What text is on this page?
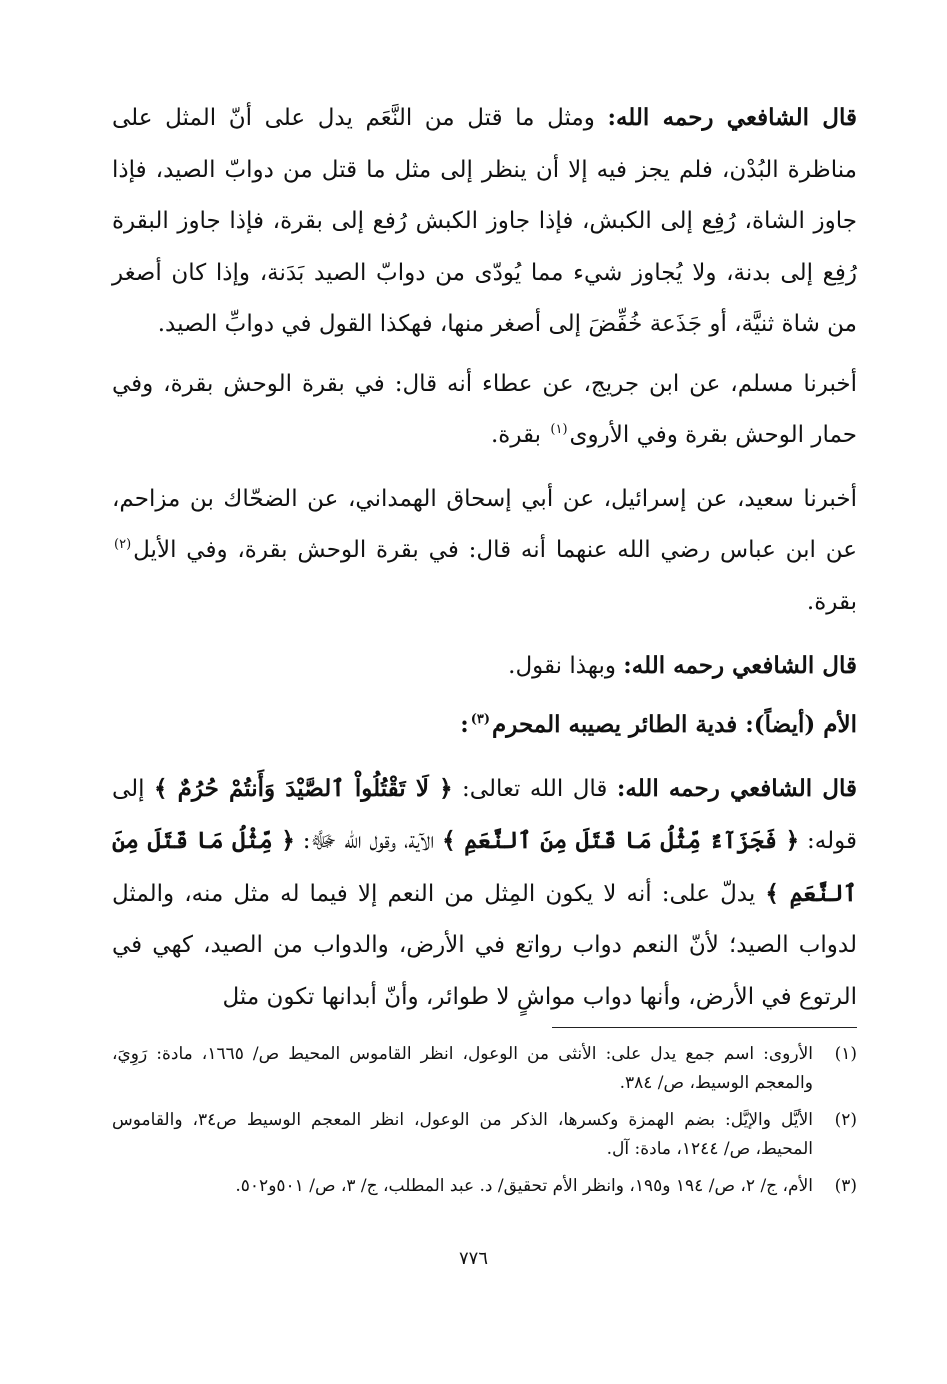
قال الشافعي رحمه الله: ومثل ما قتل من النَّعَم يدل على أنّ المثل على مناظرة البُدْن، فلم يجز فيه إلا أن ينظر إلى مثل ما قتل من دوابّ الصيد، فإذا جاوز الشاة، رُفِع إلى الكبش، فإذا جاوز الكبش رُفع إلى بقرة، فإذا جاوز البقرة رُفِع إلى بدنة، ولا يُجاوز شيء مما يُودّى من دوابّ الصيد بَدَنة، وإذا كان أصغر من شاة ثنيَّة، أو جَذَعة خُفِّضَ إلى أصغر منها، فهكذا القول في دوابِّ الصيد.

أخبرنا مسلم، عن ابن جريج، عن عطاء أنه قال: في بقرة الوحش بقرة، وفي حمار الوحش بقرة وفي الأروى$^{(١)}$ بقرة.

أخبرنا سعيد، عن إسرائيل، عن أبي إسحاق الهمداني، عن الضحّاك بن مزاحم، عن ابن عباس رضي الله عنهما أنه قال: في بقرة الوحش بقرة، وفي الأيل$^{(٢)}$ بقرة.

قال الشافعي رحمه الله: وبهذا نقول.

الأم (أيضاً): فدية الطائر يصيبه المحرم$^{(٣)}$:

قال الشافعي رحمه الله: قال الله تعالى: ﴿ لَا تَقْتُلُواْ ٱلصَّيْدَ وَأَنتُمْ حُرُمٌ ﴾ إلى قوله: ﴿ فَجَزَآءٌ مِّثْلُ مَا قَتَلَ مِنَ ٱلنَّعَمِ ﴾ الآية، وقول الله ﷻ: ﴿ مِّثْلُ مَا قَتَلَ مِنَ ٱلنَّعَمِ ﴾ يدلّ على: أنه لا يكون المِثل من النعم إلا فيما له مثل منه، والمثل لدواب الصيد؛ لأنّ النعم دواب رواتع في الأرض، والدواب من الصيد، كهي في الرتوع في الأرض، وأنها دواب مواشٍ لا طوائر، وأنّ أبدانها تكون مثل

(١)
الأروى: اسم جمع يدل على: الأنثى من الوعول، انظر القاموس المحيط ص/ ١٦٦٥، مادة: رَوِيَ، والمعجم الوسيط، ص/ ٣٨٤.
(٢)
الأيَّل والإيَّل: بضم الهمزة وكسرها، الذكر من الوعول، انظر المعجم الوسيط ص٣٤، والقاموس المحيط، ص/ ١٢٤٤، مادة: آل.
(٣)
الأم، ج/ ٢، ص/ ١٩٤ و١٩٥، وانظر الأم تحقيق/ د. عبد المطلب، ج/ ٣، ص/ ٥٠١و٥٠٢.
٧٧٦
